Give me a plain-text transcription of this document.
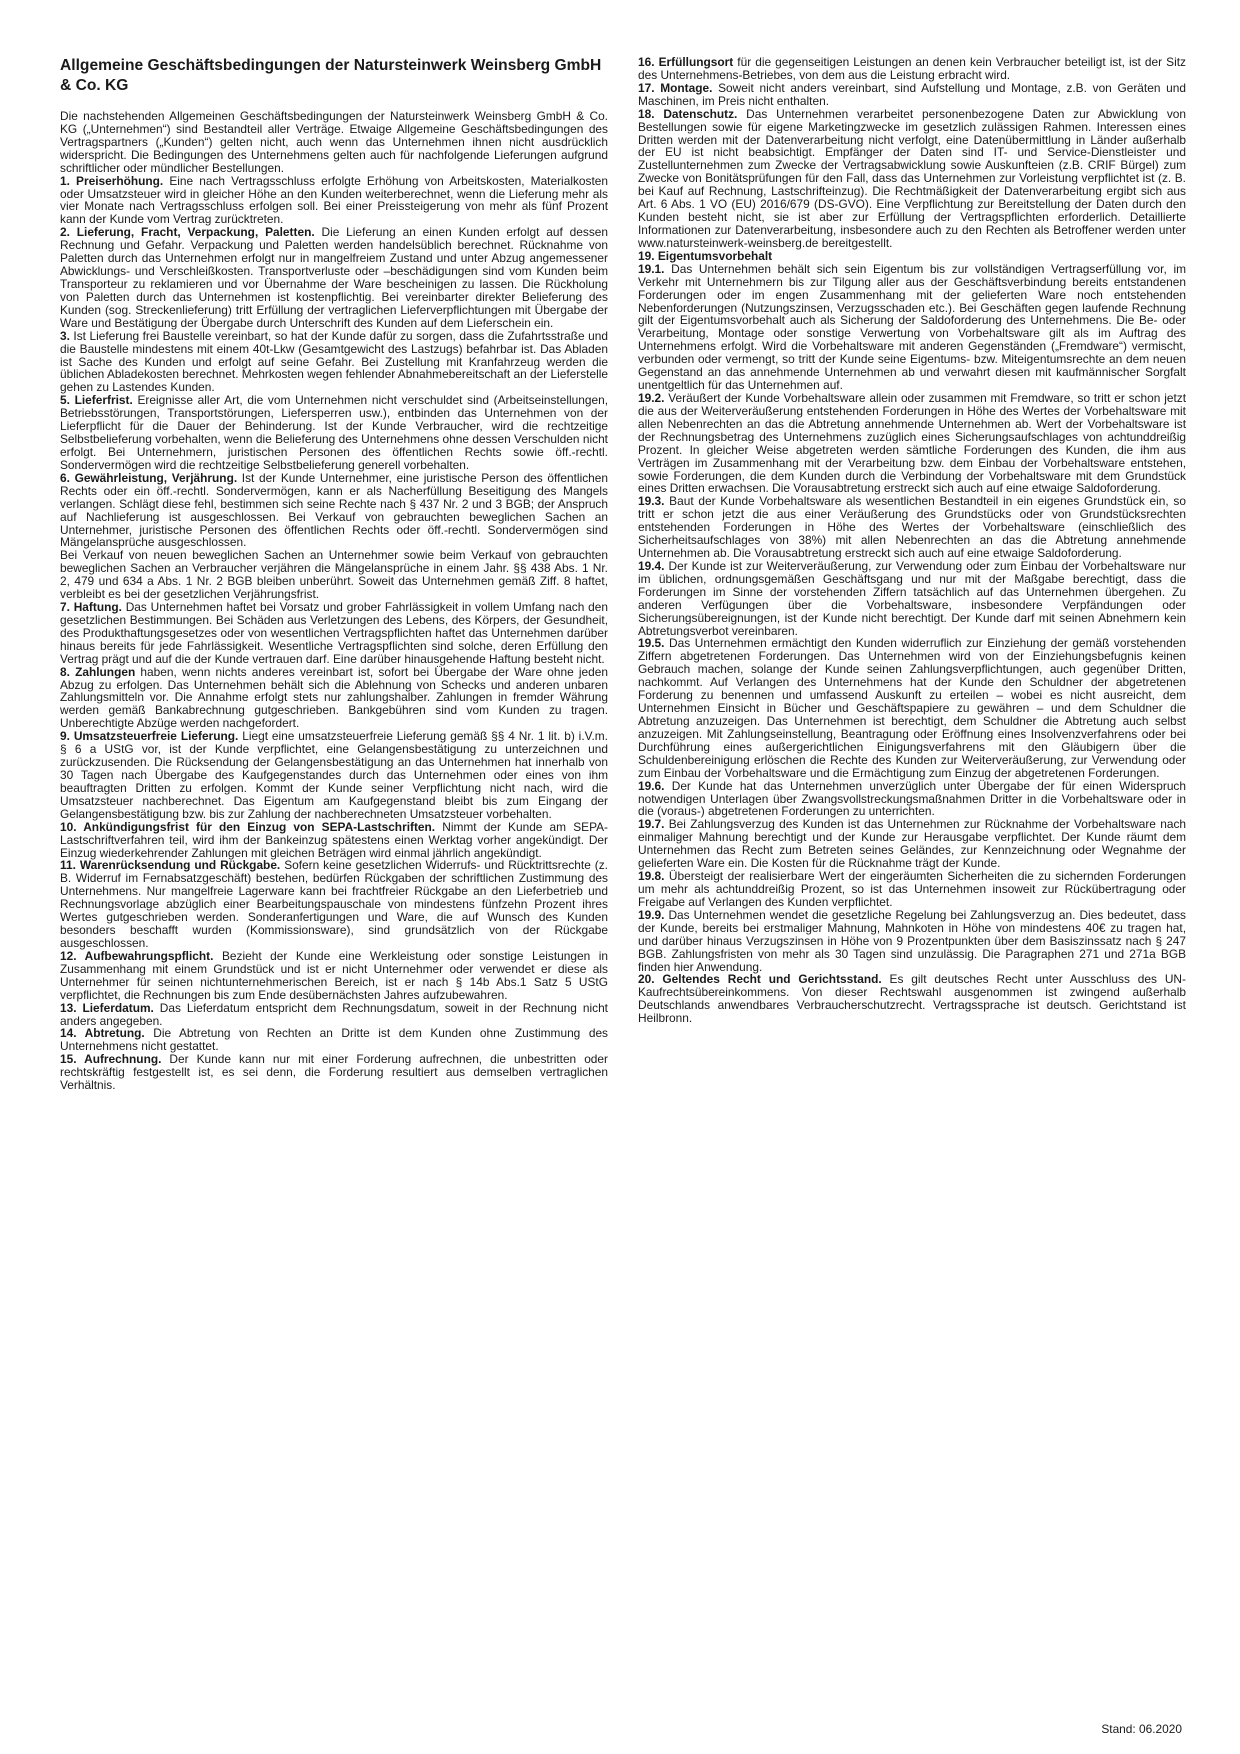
Allgemeine Geschäftsbedingungen der Natursteinwerk Weinsberg GmbH & Co. KG

Die nachstehenden Allgemeinen Geschäftsbedingungen der Natursteinwerk Weinsberg GmbH & Co. KG („Unternehmen“) sind Bestandteil aller Verträge. Etwaige Allgemeine Geschäftsbedingungen des Vertragspartners („Kunden“) gelten nicht, auch wenn das Unternehmen ihnen nicht ausdrücklich widerspricht. Die Bedingungen des Unternehmens gelten auch für nachfolgende Lieferungen aufgrund schriftlicher oder mündlicher Bestellungen.

1. Preiserhöhung. Eine nach Vertragsschluss erfolgte Erhöhung von Arbeitskosten, Materialkosten oder Umsatzsteuer wird in gleicher Höhe an den Kunden weiterberechnet, wenn die Lieferung mehr als vier Monate nach Vertragsschluss erfolgen soll. Bei einer Preissteigerung von mehr als fünf Prozent kann der Kunde vom Vertrag zurücktreten.

2. Lieferung, Fracht, Verpackung, Paletten. Die Lieferung an einen Kunden erfolgt auf dessen Rechnung und Gefahr. Verpackung und Paletten werden handelsüblich berechnet. Rücknahme von Paletten durch das Unternehmen erfolgt nur in mangelfreiem Zustand und unter Abzug angemessener Abwicklungs- und Verschleißkosten. Transportverluste oder –beschädigungen sind vom Kunden beim Transporteur zu reklamieren und vor Übernahme der Ware bescheinigen zu lassen. Die Rückholung von Paletten durch das Unternehmen ist kostenpflichtig. Bei vereinbarter direkter Belieferung des Kunden (sog. Streckenlieferung) tritt Erfüllung der vertraglichen Lieferverpflichtungen mit Übergabe der Ware und Bestätigung der Übergabe durch Unterschrift des Kunden auf dem Lieferschein ein.

3. Ist Lieferung frei Baustelle vereinbart, so hat der Kunde dafür zu sorgen, dass die Zufahrtsstraße und die Baustelle mindestens mit einem 40t-Lkw (Gesamtgewicht des Lastzugs) befahrbar ist. Das Abladen ist Sache des Kunden und erfolgt auf seine Gefahr. Bei Zustellung mit Kranfahrzeug werden die üblichen Abladekosten berechnet. Mehrkosten wegen fehlender Abnahmebereitschaft an der Lieferstelle gehen zu Lastendes Kunden.

5. Lieferfrist. Ereignisse aller Art, die vom Unternehmen nicht verschuldet sind (Arbeitseinstellungen, Betriebsstörungen, Transportstörungen, Liefersperren usw.), entbinden das Unternehmen von der Lieferpflicht für die Dauer der Behinderung. Ist der Kunde Verbraucher, wird die rechtzeitige Selbstbelieferung vorbehalten, wenn die Belieferung des Unternehmens ohne dessen Verschulden nicht erfolgt. Bei Unternehmern, juristischen Personen des öffentlichen Rechts sowie öff.-rechtl. Sondervermögen wird die rechtzeitige Selbstbelieferung generell vorbehalten.

6. Gewährleistung, Verjährung. Ist der Kunde Unternehmer, eine juristische Person des öffentlichen Rechts oder ein öff.-rechtl. Sondervermögen, kann er als Nacherfüllung Beseitigung des Mangels verlangen. Schlägt diese fehl, bestimmen sich seine Rechte nach § 437 Nr. 2 und 3 BGB; der Anspruch auf Nachlieferung ist ausgeschlossen. Bei Verkauf von gebrauchten beweglichen Sachen an Unternehmer, juristische Personen des öffentlichen Rechts oder öff.-rechtl. Sondervermögen sind Mängelansprüche ausgeschlossen.

Bei Verkauf von neuen beweglichen Sachen an Unternehmer sowie beim Verkauf von gebrauchten beweglichen Sachen an Verbraucher verjähren die Mängelansprüche in einem Jahr. §§ 438 Abs. 1 Nr. 2, 479 und 634 a Abs. 1 Nr. 2 BGB bleiben unberührt. Soweit das Unternehmen gemäß Ziff. 8 haftet, verbleibt es bei der gesetzlichen Verjährungsfrist.

7. Haftung. Das Unternehmen haftet bei Vorsatz und grober Fahrlässigkeit in vollem Umfang nach den gesetzlichen Bestimmungen. Bei Schäden aus Verletzungen des Lebens, des Körpers, der Gesundheit, des Produkthaftungsgesetzes oder von wesentlichen Vertragspflichten haftet das Unternehmen darüber hinaus bereits für jede Fahrlässigkeit. Wesentliche Vertragspflichten sind solche, deren Erfüllung den Vertrag prägt und auf die der Kunde vertrauen darf. Eine darüber hinausgehende Haftung besteht nicht.

8. Zahlungen haben, wenn nichts anderes vereinbart ist, sofort bei Übergabe der Ware ohne jeden Abzug zu erfolgen. Das Unternehmen behält sich die Ablehnung von Schecks und anderen unbaren Zahlungsmitteln vor. Die Annahme erfolgt stets nur zahlungshalber. Zahlungen in fremder Währung werden gemäß Bankabrechnung gutgeschrieben. Bankgebühren sind vom Kunden zu tragen. Unberechtigte Abzüge werden nachgefordert.

9. Umsatzsteuerfreie Lieferung. Liegt eine umsatzsteuerfreie Lieferung gemäß §§ 4 Nr. 1 lit. b) i.V.m. § 6 a UStG vor, ist der Kunde verpflichtet, eine Gelangensbestätigung zu unterzeichnen und zurückzusenden. Die Rücksendung der Gelangensbestätigung an das Unternehmen hat innerhalb von 30 Tagen nach Übergabe des Kaufgegenstandes durch das Unternehmen oder eines von ihm beauftragten Dritten zu erfolgen. Kommt der Kunde seiner Verpflichtung nicht nach, wird die Umsatzsteuer nachberechnet. Das Eigentum am Kaufgegenstand bleibt bis zum Eingang der Gelangensbestätigung bzw. bis zur Zahlung der nachberechneten Umsatzsteuer vorbehalten.

10. Ankündigungsfrist für den Einzug von SEPA-Lastschriften. Nimmt der Kunde am SEPA-Lastschriftverfahren teil, wird ihm der Bankeinzug spätestens einen Werktag vorher angekündigt. Der Einzug wiederkehrender Zahlungen mit gleichen Beträgen wird einmal jährlich angekündigt.

11. Warenrücksendung und Rückgabe. Sofern keine gesetzlichen Widerrufs- und Rücktrittsrechte (z. B. Widerruf im Fernabsatzgeschäft) bestehen, bedürfen Rückgaben der schriftlichen Zustimmung des Unternehmens. Nur mangelfreie Lagerware kann bei frachtfreier Rückgabe an den Lieferbetrieb und Rechnungsvorlage abzüglich einer Bearbeitungspauschale von mindestens fünfzehn Prozent ihres Wertes gutgeschrieben werden. Sonderanfertigungen und Ware, die auf Wunsch des Kunden besonders beschafft wurden (Kommissionsware), sind grundsätzlich von der Rückgabe ausgeschlossen.

12. Aufbewahrungspflicht. Bezieht der Kunde eine Werkleistung oder sonstige Leistungen in Zusammenhang mit einem Grundstück und ist er nicht Unternehmer oder verwendet er diese als Unternehmer für seinen nichtunternehmerischen Bereich, ist er nach § 14b Abs.1 Satz 5 UStG verpflichtet, die Rechnungen bis zum Ende desübernächsten Jahres aufzubewahren.

13. Lieferdatum. Das Lieferdatum entspricht dem Rechnungsdatum, soweit in der Rechnung nicht anders angegeben.

14. Abtretung. Die Abtretung von Rechten an Dritte ist dem Kunden ohne Zustimmung des Unternehmens nicht gestattet.

15. Aufrechnung. Der Kunde kann nur mit einer Forderung aufrechnen, die unbestritten oder rechtskräftig festgestellt ist, es sei denn, die Forderung resultiert aus demselben vertraglichen Verhältnis.

16. Erfüllungsort für die gegenseitigen Leistungen an denen kein Verbraucher beteiligt ist, ist der Sitz des Unternehmens-Betriebes, von dem aus die Leistung erbracht wird.

17. Montage. Soweit nicht anders vereinbart, sind Aufstellung und Montage, z.B. von Geräten und Maschinen, im Preis nicht enthalten.

18. Datenschutz. Das Unternehmen verarbeitet personenbezogene Daten zur Abwicklung von Bestellungen sowie für eigene Marketingzwecke im gesetzlich zulässigen Rahmen. Interessen eines Dritten werden mit der Datenverarbeitung nicht verfolgt, eine Datenübermittlung in Länder außerhalb der EU ist nicht beabsichtigt. Empfänger der Daten sind IT- und Service-Dienstleister und Zustellunternehmen zum Zwecke der Vertragsabwicklung sowie Auskunfteien (z.B. CRIF Bürgel) zum Zwecke von Bonitätsprüfungen für den Fall, dass das Unternehmen zur Vorleistung verpflichtet ist (z. B. bei Kauf auf Rechnung, Lastschrifteinzug). Die Rechtmäßigkeit der Datenverarbeitung ergibt sich aus Art. 6 Abs. 1 VO (EU) 2016/679 (DS-GVO). Eine Verpflichtung zur Bereitstellung der Daten durch den Kunden besteht nicht, sie ist aber zur Erfüllung der Vertragspflichten erforderlich. Detaillierte Informationen zur Datenverarbeitung, insbesondere auch zu den Rechten als Betroffener werden unter www.natursteinwerk-weinsberg.de bereitgestellt.

19. Eigentumsvorbehalt

19.1. Das Unternehmen behält sich sein Eigentum bis zur vollständigen Vertragserfüllung vor, im Verkehr mit Unternehmern bis zur Tilgung aller aus der Geschäftsverbindung bereits entstandenen Forderungen oder im engen Zusammenhang mit der gelieferten Ware noch entstehenden Nebenforderungen (Nutzungszinsen, Verzugsschaden etc.). Bei Geschäften gegen laufende Rechnung gilt der Eigentumsvorbehalt auch als Sicherung der Saldoforderung des Unternehmens. Die Be- oder Verarbeitung, Montage oder sonstige Verwertung von Vorbehaltsware gilt als im Auftrag des Unternehmens erfolgt. Wird die Vorbehaltsware mit anderen Gegenständen („Fremdware“) vermischt, verbunden oder vermengt, so tritt der Kunde seine Eigentums- bzw. Miteigentumsrechte an dem neuen Gegenstand an das annehmende Unternehmen ab und verwahrt diesen mit kaufmännischer Sorgfalt unentgeltlich für das Unternehmen auf.

19.2. Veräußert der Kunde Vorbehaltsware allein oder zusammen mit Fremdware, so tritt er schon jetzt die aus der Weiterveräußerung entstehenden Forderungen in Höhe des Wertes der Vorbehaltsware mit allen Nebenrechten an das die Abtretung annehmende Unternehmen ab. Wert der Vorbehaltsware ist der Rechnungsbetrag des Unternehmens zuzüglich eines Sicherungsaufschlages von achtunddreißig Prozent. In gleicher Weise abgetreten werden sämtliche Forderungen des Kunden, die ihm aus Verträgen im Zusammenhang mit der Verarbeitung bzw. dem Einbau der Vorbehaltsware entstehen, sowie Forderungen, die dem Kunden durch die Verbindung der Vorbehaltsware mit dem Grundstück eines Dritten erwachsen. Die Vorausabtretung erstreckt sich auch auf eine etwaige Saldoforderung.

19.3. Baut der Kunde Vorbehaltsware als wesentlichen Bestandteil in ein eigenes Grundstück ein, so tritt er schon jetzt die aus einer Veräußerung des Grundstücks oder von Grundstücksrechten entstehenden Forderungen in Höhe des Wertes der Vorbehaltsware (einschließlich des Sicherheitsaufschlages von 38%) mit allen Nebenrechten an das die Abtretung annehmende Unternehmen ab. Die Vorausabtretung erstreckt sich auch auf eine etwaige Saldoforderung.

19.4. Der Kunde ist zur Weiterveräußerung, zur Verwendung oder zum Einbau der Vorbehaltsware nur im üblichen, ordnungsgemäßen Geschäftsgang und nur mit der Maßgabe berechtigt, dass die Forderungen im Sinne der vorstehenden Ziffern tatsächlich auf das Unternehmen übergehen. Zu anderen Verfügungen über die Vorbehaltsware, insbesondere Verpfändungen oder Sicherungsübereignungen, ist der Kunde nicht berechtigt. Der Kunde darf mit seinen Abnehmern kein Abtretungsverbot vereinbaren.

19.5. Das Unternehmen ermächtigt den Kunden widerruflich zur Einziehung der gemäß vorstehenden Ziffern abgetretenen Forderungen. Das Unternehmen wird von der Einziehungsbefugnis keinen Gebrauch machen, solange der Kunde seinen Zahlungsverpflichtungen, auch gegenüber Dritten, nachkommt. Auf Verlangen des Unternehmens hat der Kunde den Schuldner der abgetretenen Forderung zu benennen und umfassend Auskunft zu erteilen – wobei es nicht ausreicht, dem Unternehmen Einsicht in Bücher und Geschäftspapiere zu gewähren – und dem Schuldner die Abtretung anzuzeigen. Das Unternehmen ist berechtigt, dem Schuldner die Abtretung auch selbst anzuzeigen. Mit Zahlungseinstellung, Beantragung oder Eröffnung eines Insolvenzverfahrens oder bei Durchführung eines außergerichtlichen Einigungsverfahrens mit den Gläubigern über die Schuldenbereinigung erlöschen die Rechte des Kunden zur Weiterveräußerung, zur Verwendung oder zum Einbau der Vorbehaltsware und die Ermächtigung zum Einzug der abgetretenen Forderungen.

19.6. Der Kunde hat das Unternehmen unverzüglich unter Übergabe der für einen Widerspruch notwendigen Unterlagen über Zwangsvollstreckungsmaßnahmen Dritter in die Vorbehaltsware oder in die (voraus-) abgetretenen Forderungen zu unterrichten.

19.7. Bei Zahlungsverzug des Kunden ist das Unternehmen zur Rücknahme der Vorbehaltsware nach einmaliger Mahnung berechtigt und der Kunde zur Herausgabe verpflichtet. Der Kunde räumt dem Unternehmen das Recht zum Betreten seines Geländes, zur Kennzeichnung oder Wegnahme der gelieferten Ware ein. Die Kosten für die Rücknahme trägt der Kunde.

19.8. Übersteigt der realisierbare Wert der eingeräumten Sicherheiten die zu sichernden Forderungen um mehr als achtunddreißig Prozent, so ist das Unternehmen insoweit zur Rückübertragung oder Freigabe auf Verlangen des Kunden verpflichtet.

19.9. Das Unternehmen wendet die gesetzliche Regelung bei Zahlungsverzug an. Dies bedeutet, dass der Kunde, bereits bei erstmaliger Mahnung, Mahnkoten in Höhe von mindestens 40€ zu tragen hat, und darüber hinaus Verzugszinsen in Höhe von 9 Prozentpunkten über dem Basiszinssatz nach § 247 BGB. Zahlungsfristen von mehr als 30 Tagen sind unzulässig. Die Paragraphen 271 und 271a BGB finden hier Anwendung.

20. Geltendes Recht und Gerichtsstand. Es gilt deutsches Recht unter Ausschluss des UN-Kaufrechtsübereinkommens. Von dieser Rechtswahl ausgenommen ist zwingend außerhalb Deutschlands anwendbares Verbraucherschutzrecht. Vertragssprache ist deutsch. Gerichtstand ist Heilbronn.

Stand: 06.2020
